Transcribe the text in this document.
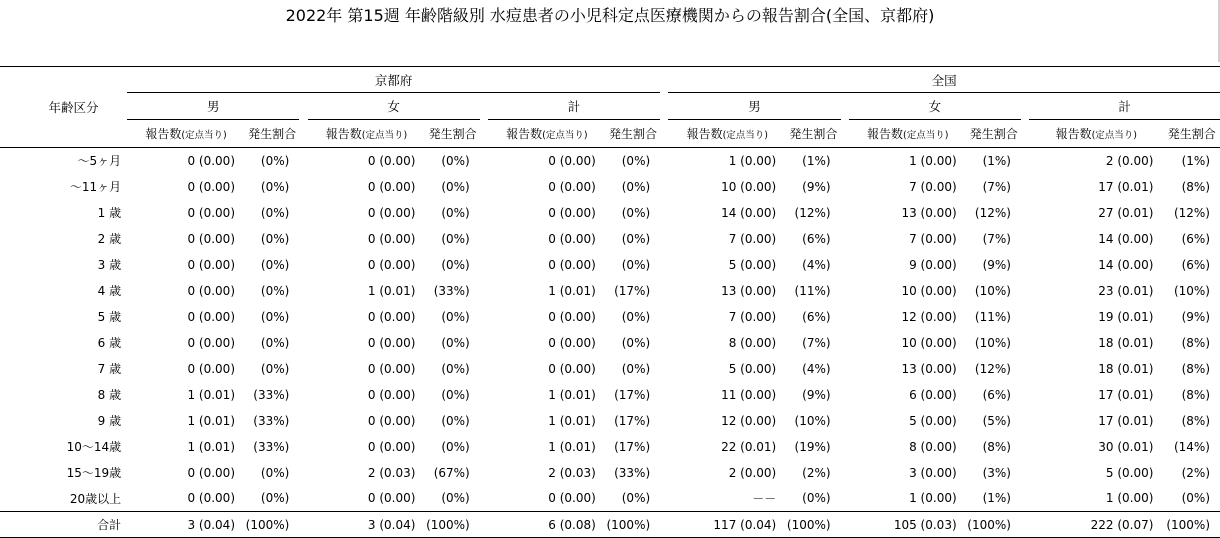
2022年 第15週 年齢階級別 水痘患者の小児科定点医療機関からの報告割合(全国、京都府)
年齢区分	京都府									全国							
	男			女			計			男			女			計	
	報告数(定点当り)	発生割合		報告数(定点当り)	発生割合		報告数(定点当り)	発生割合		報告数(定点当り)	発生割合		報告数(定点当り)	発生割合		報告数(定点当り)	発生割合
～5ヶ月	0 (0.00)	(0%)		0 (0.00)	(0%)		0 (0.00)	(0%)		1 (0.00)	(1%)		1 (0.00)	(1%)		2 (0.00)	(1%)
～11ヶ月	0 (0.00)	(0%)		0 (0.00)	(0%)		0 (0.00)	(0%)		10 (0.00)	(9%)		7 (0.00)	(7%)		17 (0.01)	(8%)
1 歳	0 (0.00)	(0%)		0 (0.00)	(0%)		0 (0.00)	(0%)		14 (0.00)	(12%)		13 (0.00)	(12%)		27 (0.01)	(12%)
2 歳	0 (0.00)	(0%)		0 (0.00)	(0%)		0 (0.00)	(0%)		7 (0.00)	(6%)		7 (0.00)	(7%)		14 (0.00)	(6%)
3 歳	0 (0.00)	(0%)		0 (0.00)	(0%)		0 (0.00)	(0%)		5 (0.00)	(4%)		9 (0.00)	(9%)		14 (0.00)	(6%)
4 歳	0 (0.00)	(0%)		1 (0.01)	(33%)		1 (0.01)	(17%)		13 (0.00)	(11%)		10 (0.00)	(10%)		23 (0.01)	(10%)
5 歳	0 (0.00)	(0%)		0 (0.00)	(0%)		0 (0.00)	(0%)		7 (0.00)	(6%)		12 (0.00)	(11%)		19 (0.01)	(9%)
6 歳	0 (0.00)	(0%)		0 (0.00)	(0%)		0 (0.00)	(0%)		8 (0.00)	(7%)		10 (0.00)	(10%)		18 (0.01)	(8%)
7 歳	0 (0.00)	(0%)		0 (0.00)	(0%)		0 (0.00)	(0%)		5 (0.00)	(4%)		13 (0.00)	(12%)		18 (0.01)	(8%)
8 歳	1 (0.01)	(33%)		0 (0.00)	(0%)		1 (0.01)	(17%)		11 (0.00)	(9%)		6 (0.00)	(6%)		17 (0.01)	(8%)
9 歳	1 (0.01)	(33%)		0 (0.00)	(0%)		1 (0.01)	(17%)		12 (0.00)	(10%)		5 (0.00)	(5%)		17 (0.01)	(8%)
10～14歳	1 (0.01)	(33%)		0 (0.00)	(0%)		1 (0.01)	(17%)		22 (0.01)	(19%)		8 (0.00)	(8%)		30 (0.01)	(14%)
15～19歳	0 (0.00)	(0%)		2 (0.03)	(67%)		2 (0.03)	(33%)		2 (0.00)	(2%)		3 (0.00)	(3%)		5 (0.00)	(2%)
20歳以上	0 (0.00)	(0%)		0 (0.00)	(0%)		0 (0.00)	(0%)		－－	(0%)		1 (0.00)	(1%)		1 (0.00)	(0%)
合計	3 (0.04)	(100%)		3 (0.04)	(100%)		6 (0.08)	(100%)		117 (0.04)	(100%)		105 (0.03)	(100%)		222 (0.07)	(100%)
